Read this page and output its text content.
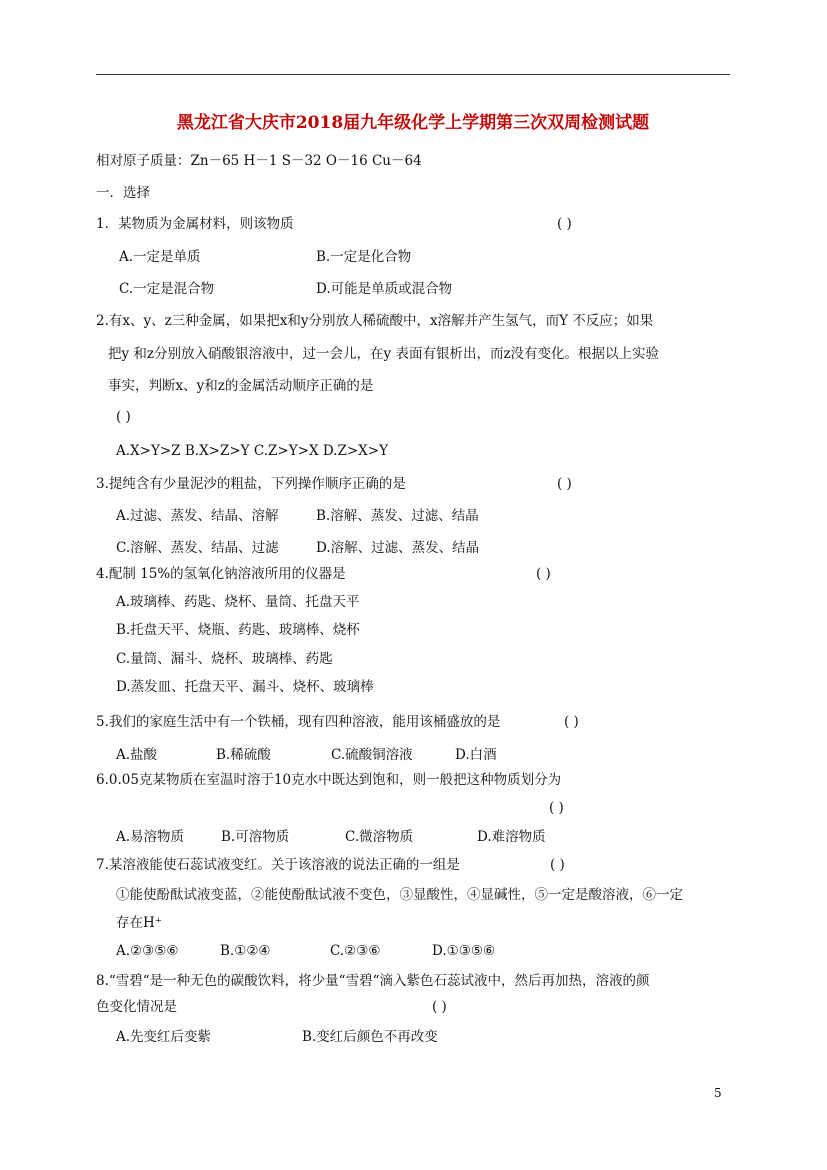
黑龙江省大庆市2018届九年级化学上学期第三次双周检测试题
相对原子质量：Zn－65 H－1 S－32 O－16 Cu－64
一．选择
1．某物质为金属材料，则该物质	( )
A.一定是单质	B.一定是化合物
C.一定是混合物	D.可能是单质或混合物
2.有x、y、z三种金属，如果把x和y分别放人稀硫酸中，x溶解并产生氢气，而Y 不反应；如果
把y 和z分别放入硝酸银溶液中，过一会儿，在y 表面有银析出，而z没有变化。根据以上实验
事实，判断x、y和z的金属活动顺序正确的是
( )
A.X>Y>Z B.X>Z>Y C.Z>Y>X D.Z>X>Y
3.提纯含有少量泥沙的粗盐，下列操作顺序正确的是	( )
A.过滤、蒸发、结晶、溶解	B.溶解、蒸发、过滤、结晶
C.溶解、蒸发、结晶、过滤	D.溶解、过滤、蒸发、结晶
4.配制 15%的氢氧化钠溶液所用的仪器是	( )
A.玻璃棒、药匙、烧杯、量筒、托盘天平
B.托盘天平、烧瓶、药匙、玻璃棒、烧杯
C.量筒、漏斗、烧杯、玻璃棒、药匙
D.蒸发皿、托盘天平、漏斗、烧杯、玻璃棒
5.我们的家庭生活中有一个铁桶，现有四种溶液，能用该桶盛放的是	( )
A.盐酸	B.稀硫酸	C.硫酸铜溶液	D.白酒
6.0.05克某物质在室温时溶于10克水中既达到饱和，则一般把这种物质划分为
( )
A.易溶物质	B.可溶物质	C.微溶物质	D.难溶物质
7.某溶液能使石蕊试液变红。关于该溶液的说法正确的一组是	( )
①能使酚酞试液变蓝，②能使酚酞试液不变色，③显酸性，④显碱性，⑤一定是酸溶液，⑥一定
存在H⁺
A.②③⑤⑥	B.①②④	C.②③⑥	D.①③⑤⑥
8.“雪碧“是一种无色的碳酸饮料，将少量“雪碧“滴入紫色石蕊试液中，然后再加热，溶液的颜
色变化情况是	( )
A.先变红后变紫	B.变红后颜色不再改变
5
